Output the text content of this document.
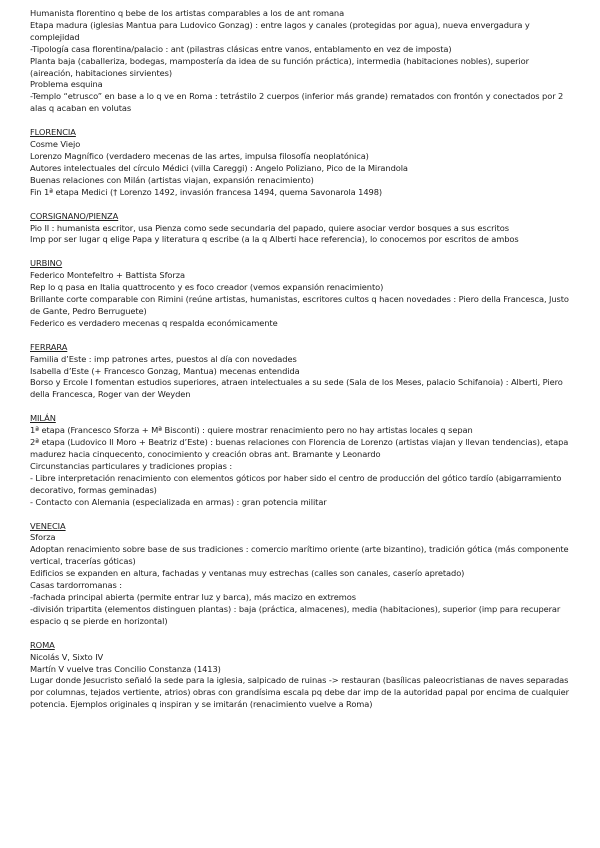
Humanista florentino q bebe de los artistas comparables a los de ant romana
Etapa madura (iglesias Mantua para Ludovico Gonzag) : entre lagos y canales (protegidas por agua), nueva envergadura y complejidad
-Tipología casa florentina/palacio : ant (pilastras clásicas entre vanos, entablamento en vez de imposta)
Planta baja (caballeriza, bodegas, mampostería da idea de su función práctica), intermedia (habitaciones nobles), superior (aireación, habitaciones sirvientes)
Problema esquina
-Templo “etrusco” en base a lo q ve en Roma : tetrástilo 2 cuerpos (inferior más grande) rematados con frontón y conectados por 2 alas q acaban en volutas
FLORENCIA
Cosme Viejo
Lorenzo Magnífico (verdadero mecenas de las artes, impulsa filosofía neoplatónica)
Autores intelectuales del círculo Médici (villa Careggi) : Angelo Poliziano, Pico de la Mirandola
Buenas relaciones con Milán (artistas viajan, expansión renacimiento)
Fin 1ª etapa Medici († Lorenzo 1492, invasión francesa 1494, quema Savonarola 1498)
CORSIGNANO/PIENZA
Pio II : humanista escritor, usa Pienza como sede secundaria del papado, quiere asociar verdor bosques a sus escritos
Imp por ser lugar q elige Papa y literatura q escribe (a la q Alberti hace referencia), lo conocemos por escritos de ambos
URBINO
Federico Montefeltro + Battista Sforza
Rep lo q pasa en Italia quattrocento y es foco creador (vemos expansión renacimiento)
Brillante corte comparable con Rimini (reúne artistas, humanistas, escritores cultos q hacen novedades : Piero della Francesca, Justo de Gante, Pedro Berruguete)
Federico es verdadero mecenas q respalda económicamente
FERRARA
Familia d’Este : imp patrones artes, puestos al día con novedades
Isabella d’Este (+ Francesco Gonzag, Mantua) mecenas entendida
Borso y Ercole I fomentan estudios superiores, atraen intelectuales a su sede (Sala de los Meses, palacio Schifanoia) : Alberti, Piero della Francesca, Roger van der Weyden
MILÁN
1ª etapa (Francesco Sforza + Mª Bisconti) : quiere mostrar renacimiento pero no hay artistas locales q sepan
2ª etapa (Ludovico Il Moro + Beatriz d’Este) : buenas relaciones con Florencia de Lorenzo (artistas viajan y llevan tendencias), etapa madurez hacia cinquecento, conocimiento y creación obras ant. Bramante y Leonardo
Circunstancias particulares y tradiciones propias :
- Libre interpretación renacimiento con elementos góticos por haber sido el centro de producción del gótico tardío (abigarramiento decorativo, formas geminadas)
- Contacto con Alemania (especializada en armas) : gran potencia militar
VENECIA
Sforza
Adoptan renacimiento sobre base de sus tradiciones : comercio marítimo oriente (arte bizantino), tradición gótica (más componente vertical, tracerías góticas)
Edificios se expanden en altura, fachadas y ventanas muy estrechas (calles son canales, caserío apretado)
Casas tardorromanas :
-fachada principal abierta (permite entrar luz y barca), más macizo en extremos
-división tripartita (elementos distinguen plantas) : baja (práctica, almacenes), media (habitaciones), superior (imp para recuperar espacio q se pierde en horizontal)
ROMA
Nicolás V, Sixto IV
Martín V vuelve tras Concilio Constanza (1413)
Lugar donde Jesucristo señaló la sede para la iglesia, salpicado de ruinas -> restauran (basílicas paleocristianas de naves separadas por columnas, tejados vertiente, atrios) obras con grandísima escala pq debe dar imp de la autoridad papal por encima de cualquier potencia. Ejemplos originales q inspiran y se imitarán (renacimiento vuelve a Roma)
